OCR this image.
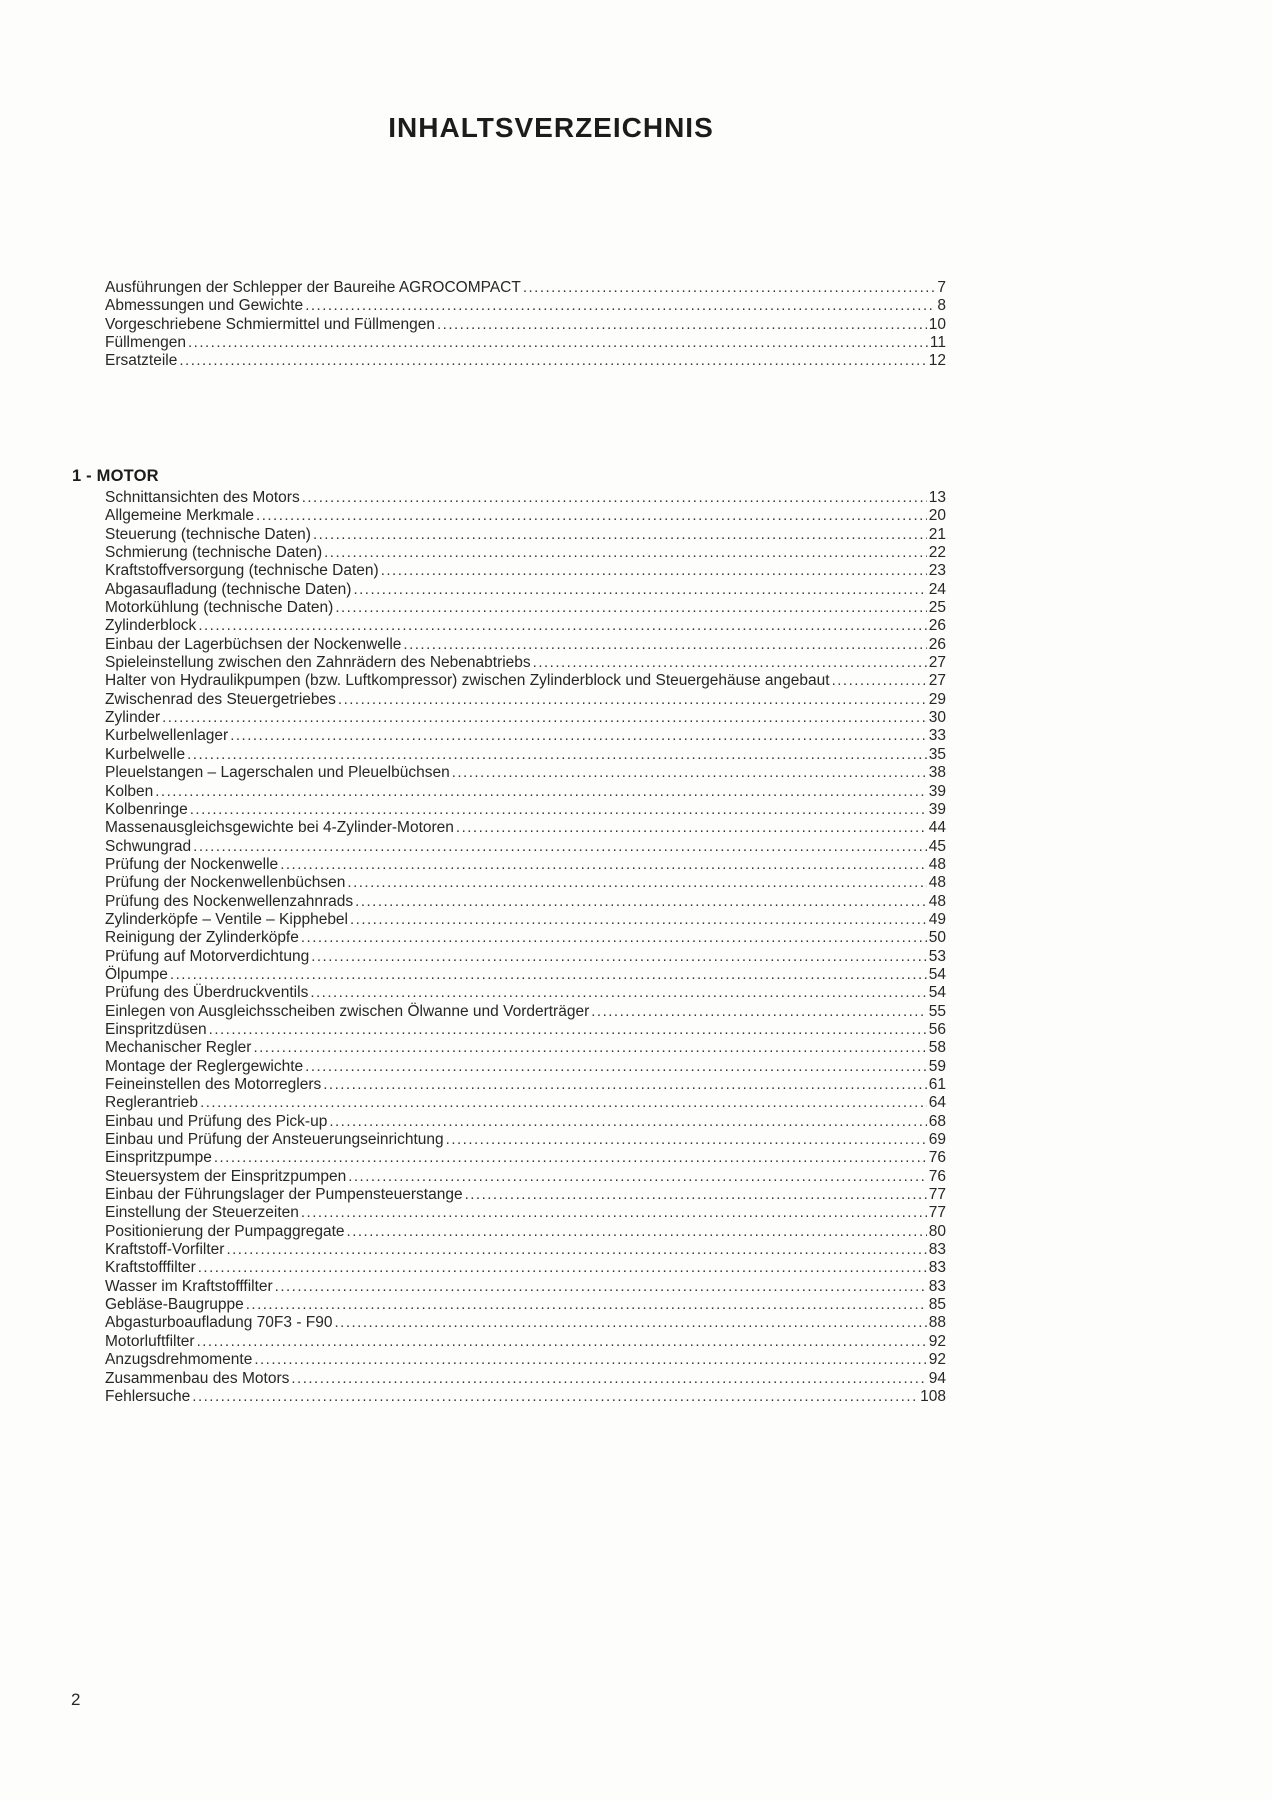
INHALTSVERZEICHNIS
Ausführungen der Schlepper der Baureihe AGROCOMPACT .....	7
Abmessungen und Gewichte .....	8
Vorgeschriebene Schmiermittel und Füllmengen .....	10
Füllmengen .....	11
Ersatzteile .....	12
1 - MOTOR
Schnittansichten des Motors .....	13
Allgemeine Merkmale .....	20
Steuerung (technische Daten) .....	21
Schmierung (technische Daten) .....	22
Kraftstoffversorgung (technische Daten) .....	23
Abgasaufladung (technische Daten) .....	24
Motorkühlung (technische Daten) .....	25
Zylinderblock .....	26
Einbau der Lagerbüchsen der Nockenwelle .....	26
Spieleinstellung zwischen den Zahnrädern des Nebenabtriebs .....	27
Halter von Hydraulikpumpen (bzw. Luftkompressor) zwischen Zylinderblock und Steuergehäuse angebaut .....	27
Zwischenrad des Steuergetriebes .....	29
Zylinder .....	30
Kurbelwellenlager .....	33
Kurbelwelle .....	35
Pleuelstangen – Lagerschalen und Pleuelbüchsen .....	38
Kolben .....	39
Kolbenringe .....	39
Massenausgleichsgewichte bei 4-Zylinder-Motoren .....	44
Schwungrad .....	45
Prüfung der Nockenwelle .....	48
Prüfung der Nockenwellenbüchsen .....	48
Prüfung des Nockenwellenzahnrads .....	48
Zylinderköpfe – Ventile – Kipphebel .....	49
Reinigung der Zylinderköpfe .....	50
Prüfung auf Motorverdichtung .....	53
Ölpumpe .....	54
Prüfung des Überdruckventils .....	54
Einlegen von Ausgleichsscheiben zwischen Ölwanne und Vorderträger .....	55
Einspritzdüsen .....	56
Mechanischer Regler .....	58
Montage der Reglergewichte .....	59
Feineinstellen des Motorreglers .....	61
Reglerantrieb .....	64
Einbau und Prüfung des Pick-up .....	68
Einbau und Prüfung der Ansteuerungseinrichtung .....	69
Einspritzpumpe .....	76
Steuersystem der Einspritzpumpen .....	76
Einbau der Führungslager der Pumpensteuerstange .....	77
Einstellung der Steuerzeiten .....	77
Positionierung der Pumpaggregate .....	80
Kraftstoff-Vorfilter .....	83
Kraftstofffilter .....	83
Wasser im Kraftstofffilter .....	83
Gebläse-Baugruppe .....	85
Abgasturboaufladung 70F3 - F90 .....	88
Motorluftfilter .....	92
Anzugsdrehmomente .....	92
Zusammenbau des Motors .....	94
Fehlersuche .....	108
2
